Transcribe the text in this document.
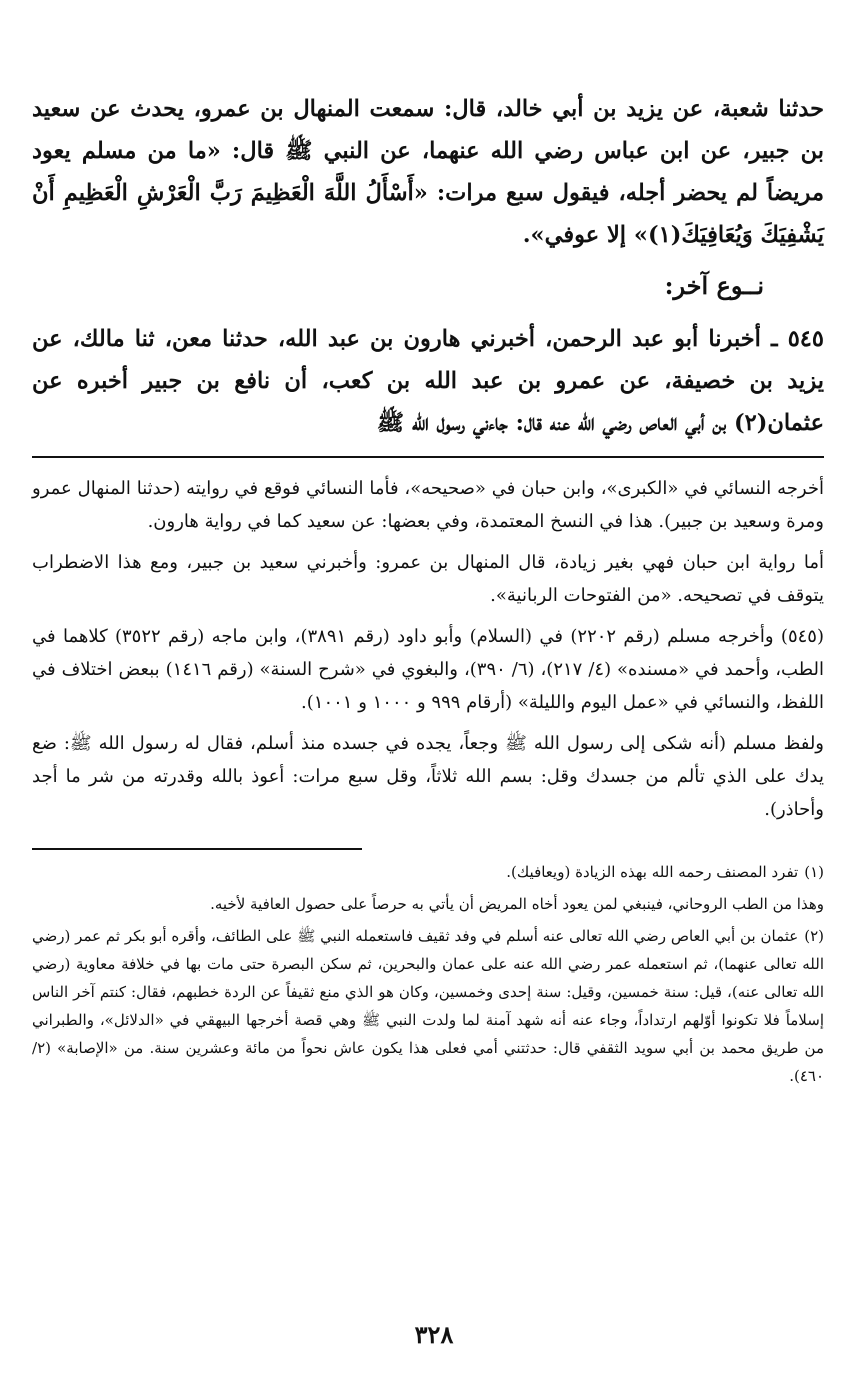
حدثنا شعبة، عن يزيد بن أبي خالد، قال: سمعت المنهال بن عمرو، يحدث عن سعيد بن جبير، عن ابن عباس رضي الله عنهما، عن النبي ﷺ قال: «ما من مسلم يعود مريضاً لم يحضر أجله، فيقول سبع مرات: «أَسْأَلُ اللَّهَ الْعَظِيمَ رَبَّ الْعَرْشِ الْعَظِيمِ أَنْ يَشْفِيَكَ وَيُعَافِيَكَ(١)» إلا عوفي».

نــوع آخر:

٥٤٥ ـ أخبرنا أبو عبد الرحمن، أخبرني هارون بن عبد الله، حدثنا معن، ثنا مالك، عن يزيد بن خصيفة، عن عمرو بن عبد الله بن كعب، أن نافع بن جبير أخبره عن عثمان(٢) بن أبي العاص رضي الله عنه قال: جاءني رسول الله ﷺ

أخرجه النسائي في «الكبرى»، وابن حبان في «صحيحه»، فأما النسائي فوقع في روايته (حدثنا المنهال عمرو ومرة وسعيد بن جبير). هذا في النسخ المعتمدة، وفي بعضها: عن سعيد كما في رواية هارون.

أما رواية ابن حبان فهي بغير زيادة، قال المنهال بن عمرو: وأخبرني سعيد بن جبير، ومع هذا الاضطراب يتوقف في تصحيحه. «من الفتوحات الربانية».

(٥٤٥) وأخرجه مسلم (رقم ٢٢٠٢) في (السلام) وأبو داود (رقم ٣٨٩١)، وابن ماجه (رقم ٣٥٢٢) كلاهما في الطب، وأحمد في «مسنده» (٤/ ٢١٧)، (٦/ ٣٩٠)، والبغوي في «شرح السنة» (رقم ١٤١٦) ببعض اختلاف في اللفظ، والنسائي في «عمل اليوم والليلة» (أرقام ٩٩٩ و ١٠٠٠ و ١٠٠١).

ولفظ مسلم (أنه شكى إلى رسول الله ﷺ وجعاً، يجده في جسده منذ أسلم، فقال له رسول الله ﷺ: ضع يدك على الذي تألم من جسدك وقل: بسم الله ثلاثاً، وقل سبع مرات: أعوذ بالله وقدرته من شر ما أجد وأحاذر).

(١)تفرد المصنف رحمه الله بهذه الزيادة (ويعافيك).

وهذا من الطب الروحاني، فينبغي لمن يعود أخاه المريض أن يأتي به حرصاً على حصول العافية لأخيه.

(٢)عثمان بن أبي العاص رضي الله تعالى عنه أسلم في وفد ثقيف فاستعمله النبي ﷺ على الطائف، وأقره أبو بكر ثم عمر (رضي الله تعالى عنهما)، ثم استعمله عمر رضي الله عنه على عمان والبحرين، ثم سكن البصرة حتى مات بها في خلافة معاوية (رضي الله تعالى عنه)، قيل: سنة خمسين، وقيل: سنة إحدى وخمسين، وكان هو الذي منع ثقيفاً عن الردة خطبهم، فقال: كنتم آخر الناس إسلاماً فلا تكونوا أوّلهم ارتداداً، وجاء عنه أنه شهد آمنة لما ولدت النبي ﷺ وهي قصة أخرجها البيهقي في «الدلائل»، والطبراني من طريق محمد بن أبي سويد الثقفي قال: حدثتني أمي فعلى هذا يكون عاش نحواً من مائة وعشرين سنة. من «الإصابة» (٢/ ٤٦٠).

٣٢٨
